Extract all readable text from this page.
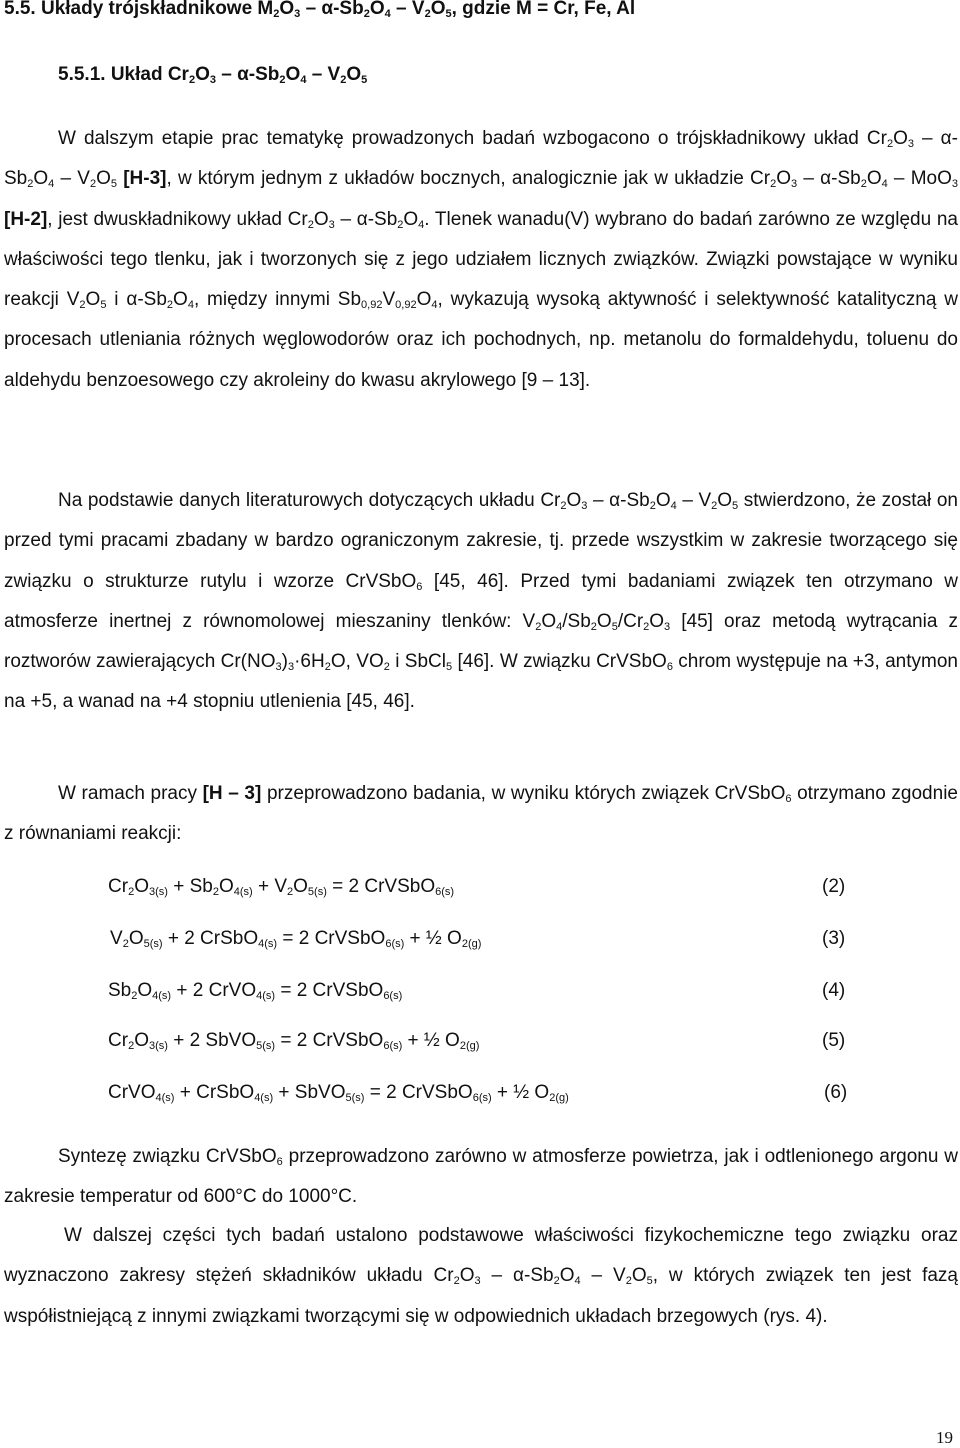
5.5. Układy trójskładnikowe $M_2O_3 - \alpha-Sb_2O_4 - V_2O_5$, gdzie M = Cr, Fe, Al
5.5.1. Układ $Cr_2O_3 - \alpha-Sb_2O_4 - V_2O_5$

W dalszym etapie prac tematykę prowadzonych badań wzbogacono o trójskładnikowy układ $Cr_2O_3 - \alpha-Sb_2O_4 - V_2O_5$ [H-3], w którym jednym z układów bocznych, analogicznie jak w układzie $Cr_2O_3 - \alpha-Sb_2O_4 - MoO_3$ [H-2], jest dwuskładnikowy układ $Cr_2O_3 - \alpha-Sb_2O_4$. Tlenek wanadu(V) wybrano do badań zarówno ze względu na właściwości tego tlenku, jak i tworzonych się z jego udziałem licznych związków. Związki powstające w wyniku reakcji $V_2O_5$ i $\alpha-Sb_2O_4$, między innymi $Sb_{0,92}V_{0,92}O_4$, wykazują wysoką aktywność i selektywność katalityczną w procesach utleniania różnych węglowodorów oraz ich pochodnych, np. metanolu do formaldehydu, toluenu do aldehydu benzoesowego czy akroleiny do kwasu akrylowego [9 – 13].

Na podstawie danych literaturowych dotyczących układu $Cr_2O_3 - \alpha-Sb_2O_4 - V_2O_5$ stwierdzono, że został on przed tymi pracami zbadany w bardzo ograniczonym zakresie, tj. przede wszystkim w zakresie tworzącego się związku o strukturze rutylu i wzorze CrVSbO$_6$ [45, 46]. Przed tymi badaniami związek ten otrzymano w atmosferze inertnej z równomolowej mieszaniny tlenków: $V_2O_4/Sb_2O_5/Cr_2O_3$ [45] oraz metodą wytrącania z roztworów zawierających $Cr(NO_3)_3\cdot 6H_2O$, $VO_2$ i SbCl$_5$ [46]. W związku CrVSbO$_6$ chrom występuje na +3, antymon na +5, a wanad na +4 stopniu utlenienia [45, 46].

W ramach pracy [H – 3] przeprowadzono badania, w wyniku których związek CrVSbO$_6$ otrzymano zgodnie z równaniami reakcji:

$Cr_2O_{3(s)} + Sb_2O_{4(s)} + V_2O_{5(s)} = 2$ CrVSbO$_{6(s)}$	(2)
$V_2O_{5(s)} + 2$ CrSbO$_{4(s)}$ = 2 CrVSbO$_{6(s)}$ + ½ $O_{2(g)}$	(3)
$Sb_2O_{4(s)} + 2$ CrVO$_{4(s)}$ = 2 CrVSbO$_{6(s)}$	(4)
$Cr_2O_{3(s)} + 2$ SbVO$_{5(s)}$ = 2 CrVSbO$_{6(s)}$ + ½ $O_{2(g)}$	(5)
CrVO$_{4(s)}$ + CrSbO$_{4(s)}$ + SbVO$_{5(s)}$ = 2 CrVSbO$_{6(s)}$ + ½ $O_{2(g)}$	(6)

Syntezę związku CrVSbO$_6$ przeprowadzono zarówno w atmosferze powietrza, jak i odtlenionego argonu w zakresie temperatur od 600°C do 1000°C.

W dalszej części tych badań ustalono podstawowe właściwości fizykochemiczne tego związku oraz wyznaczono zakresy stężeń składników układu $Cr_2O_3 - \alpha-Sb_2O_4 - V_2O_5$, w których związek ten jest fazą współistniejącą z innymi związkami tworzącymi się w odpowiednich układach brzegowych (rys. 4).

19
